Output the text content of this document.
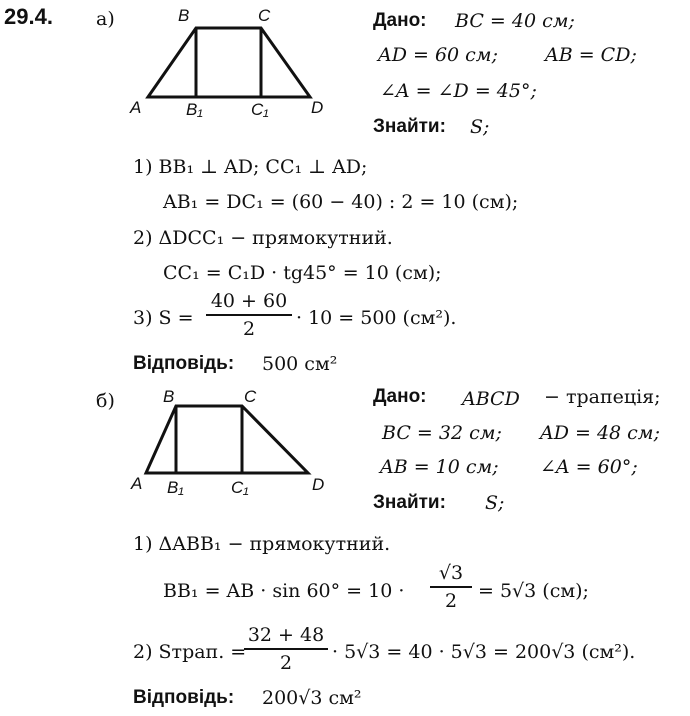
29.4. а)	B	C
A	B₁	C₁ D
Дано: BC = 40 см;
AD = 60 см; AB = CD;
∠A = ∠D = 45°;
Знайти: S;
1) BB₁ ⊥ AD; CC₁ ⊥ AD;
AB₁ = DC₁ = (60 − 40) : 2 = 10 (см);
2) ΔDCC₁ − прямокутний.
CC₁ = C₁D · tg45° = 10 (см);
3) S =
40 + 60
2	· 10 = 500 (см²).
Відповідь: 500 см²
б)	B	C
A B₁	C₁	D
Дано: ABCD − трапеція;
BC = 32 см; AD = 48 см;
AB = 10 см; ∠A = 60°;
Знайти: S;
1) ΔABB₁ − прямокутний.
BB₁ = AB · sin 60° = 10 ·
√3
2	= 5√3 (см);
2) Sтрап. =
32 + 48
2	· 5√3 = 40 · 5√3 = 200√3 (см²).
Відповідь: 200√3 см²
